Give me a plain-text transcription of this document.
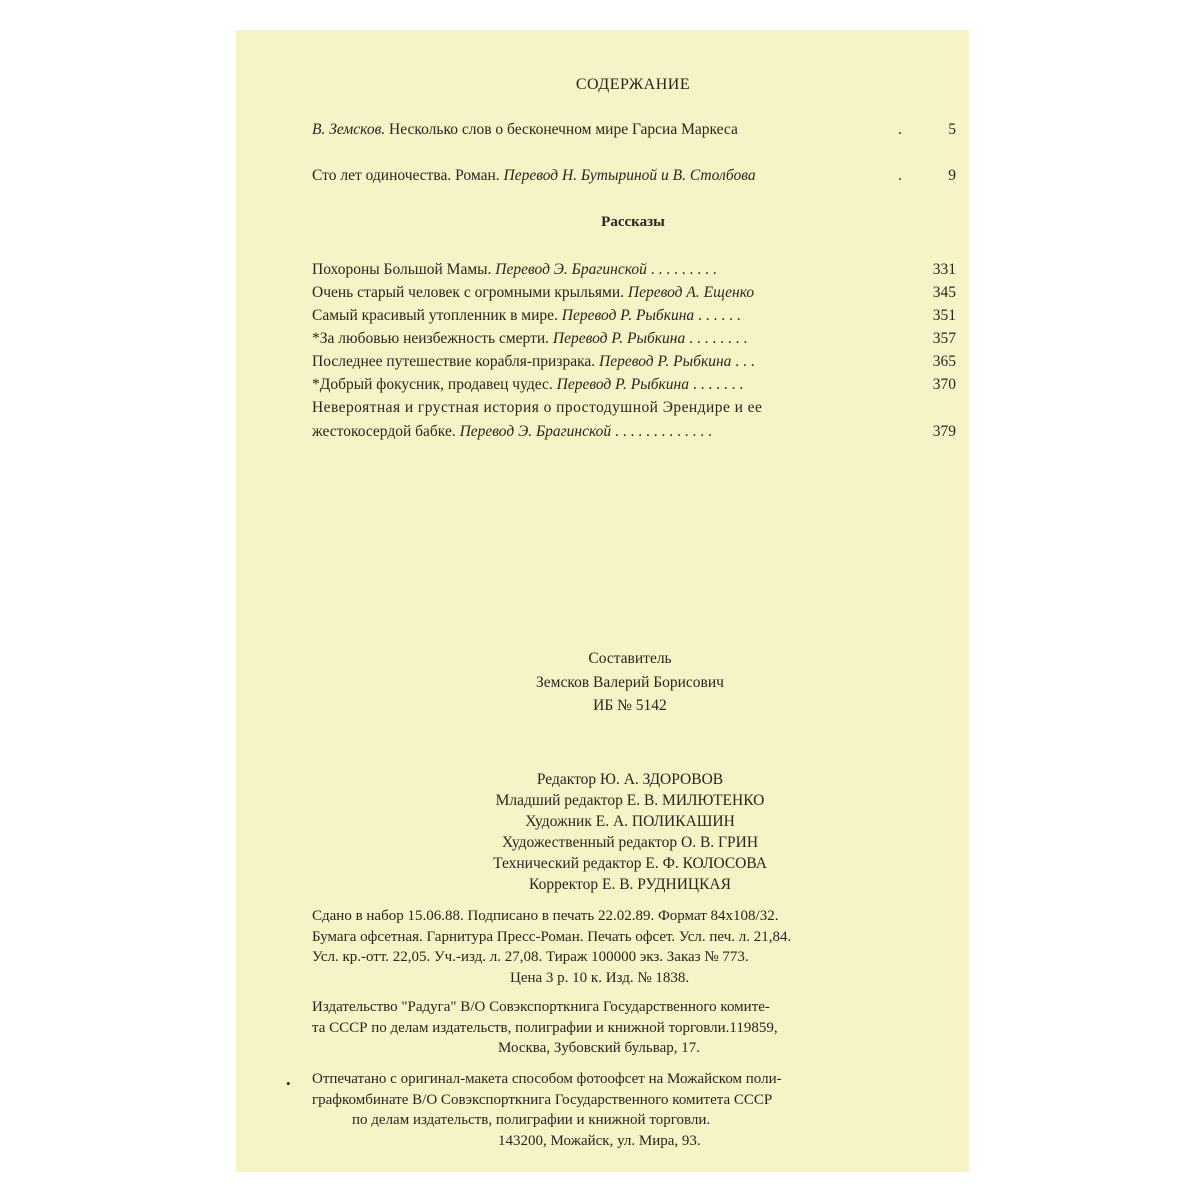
СОДЕРЖАНИЕ
В. Земсков. Несколько слов о бесконечном мире Гарсиа Маркеса	.	5
Сто лет одиночества. Роман. Перевод Н. Бутыриной и В. Столбова	.	9
Рассказы
Похороны Большой Мамы. Перевод Э. Брагинской . . . . . . . . .	331
Очень старый человек с огромными крыльями. Перевод А. Ещенко	345
Самый красивый утопленник в мире. Перевод Р. Рыбкина . . . . . .	351
*За любовью неизбежность смерти. Перевод Р. Рыбкина . . . . . . . .	357
Последнее путешествие корабля-призрака. Перевод Р. Рыбкина . . .	365
*Добрый фокусник, продавец чудес. Перевод Р. Рыбкина . . . . . . .	370
Невероятная и грустная история о простодушной Эрендире и ее
жестокосердой бабке. Перевод Э. Брагинской . . . . . . . . . . . . .	379
Составитель
Земсков Валерий Борисович
ИБ № 5142
Редактор Ю. А. ЗДОРОВОВ
Младший редактор Е. В. МИЛЮТЕНКО
Художник Е. А. ПОЛИКАШИН
Художественный редактор О. В. ГРИН
Технический редактор Е. Ф. КОЛОСОВА
Корректор Е. В. РУДНИЦКАЯ
Сдано в набор 15.06.88. Подписано в печать 22.02.89. Формат 84х108/32.
Бумага офсетная. Гарнитура Пресс-Роман. Печать офсет. Усл. печ. л. 21,84.
Усл. кр.-отт. 22,05. Уч.-изд. л. 27,08. Тираж 100000 экз. Заказ № 773.
Цена 3 р. 10 к. Изд. № 1838.
Издательство "Радуга" В/О Совэкспорткнига Государственного комите-
та СССР по делам издательств, полиграфии и книжной торговли.119859,
Москва, Зубовский бульвар, 17.
• Отпечатано с оригинал-макета способом фотоофсет на Можайском поли-
графкомбинате В/О Совэкспорткнига Государственного комитета СССР
по делам издательств, полиграфии и книжной торговли.
143200, Можайск, ул. Мира, 93.
